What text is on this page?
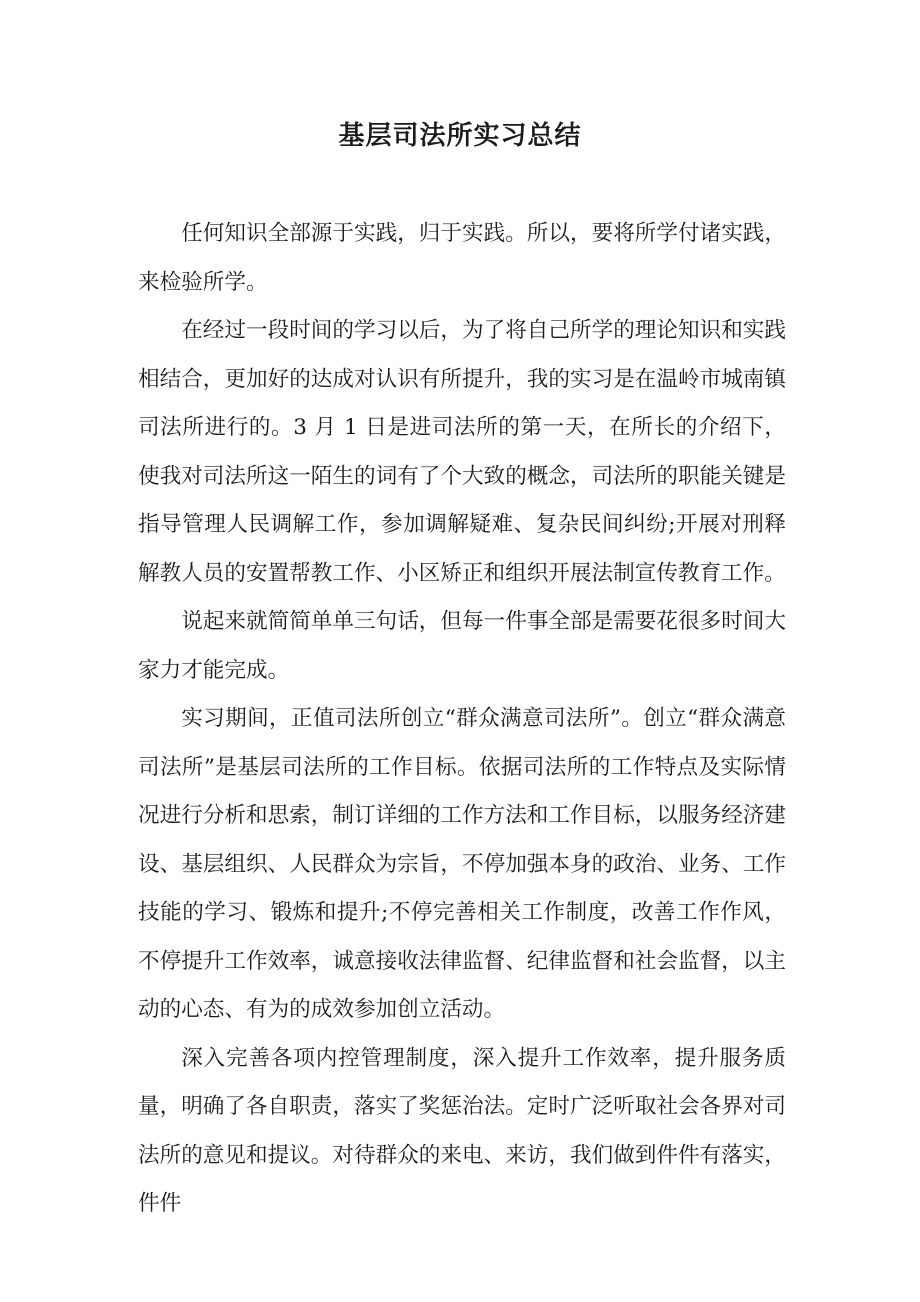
基层司法所实习总结

任何知识全部源于实践，归于实践。所以，要将所学付诸实践，来检验所学。

在经过一段时间的学习以后，为了将自己所学的理论知识和实践相结合，更加好的达成对认识有所提升，我的实习是在温岭市城南镇司法所进行的。3 月 1 日是进司法所的第一天，在所长的介绍下，使我对司法所这一陌生的词有了个大致的概念，司法所的职能关键是指导管理人民调解工作，参加调解疑难、复杂民间纠纷;开展对刑释解教人员的安置帮教工作、小区矫正和组织开展法制宣传教育工作。

说起来就简简单单三句话，但每一件事全部是需要花很多时间大家力才能完成。

实习期间，正值司法所创立“群众满意司法所”。创立“群众满意司法所”是基层司法所的工作目标。依据司法所的工作特点及实际情况进行分析和思索，制订详细的工作方法和工作目标，以服务经济建设、基层组织、人民群众为宗旨，不停加强本身的政治、业务、工作技能的学习、锻炼和提升;不停完善相关工作制度，改善工作作风，不停提升工作效率，诚意接收法律监督、纪律监督和社会监督，以主动的心态、有为的成效参加创立活动。

深入完善各项内控管理制度，深入提升工作效率，提升服务质量，明确了各自职责，落实了奖惩治法。定时广泛听取社会各界对司法所的意见和提议。对待群众的来电、来访，我们做到件件有落实，件件
